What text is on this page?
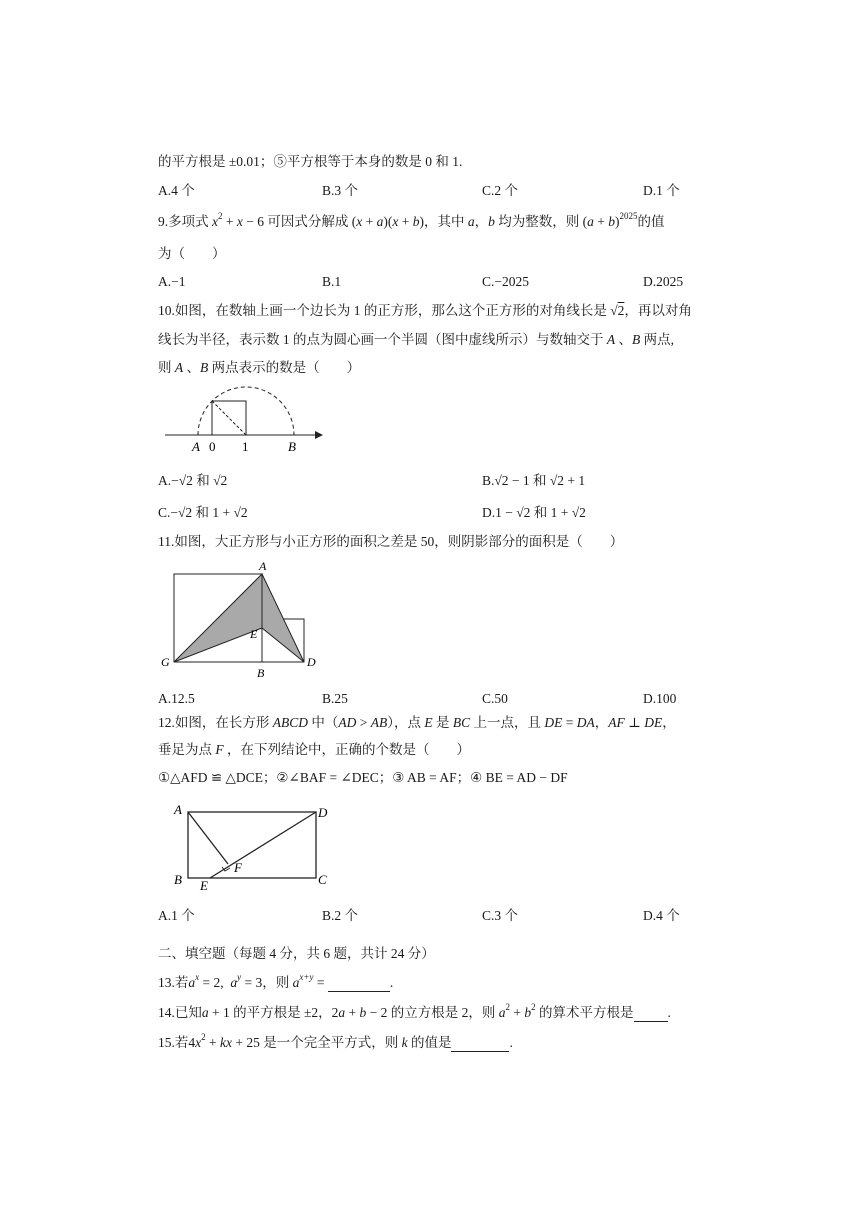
的平方根是 ±0.01；⑤平方根等于本身的数是 0 和 1.
A.4 个	B.3 个	C.2 个	D.1 个
9.多项式 $x^2 + x - 6$ 可因式分解成 (x + a)(x + b)，其中 a，b 均为整数，则 $(a + b)^{2025}$的值
为（　　）
A.−1	B.1	C.−2025	D.2025
10.如图，在数轴上画一个边长为 1 的正方形，那么这个正方形的对角线长是 √2，再以对角
线长为半径，表示数 1 的点为圆心画一个半圆（图中虚线所示）与数轴交于 A 、B 两点,
则 A 、B 两点表示的数是（　　）
A 0 1	B
A.−√2 和 √2	B.√2 − 1 和 √2 + 1
C.−√2 和 1 + √2	D.1 − √2 和 1 + √2
11.如图，大正方形与小正方形的面积之差是 50，则阴影部分的面积是（　　）
A
E
G
B
D
A.12.5	B.25	C.50	D.100
12.如图，在长方形 ABCD 中（AD > AB），点 E 是 BC 上一点，且 DE = DA，AF ⊥ DE，
垂足为点 F ，在下列结论中，正确的个数是（　　）
①△AFD ≌ △DCE；②∠BAF = ∠DEC；③ AB = AF；④ BE = AD − DF
A	D
F
B E	C
A.1 个	B.2 个	C.3 个	D.4 个
二、填空题（每题 4 分，共 6 题，共计 24 分）
13.若$a^x = 2$,  $a^y = 3$，则 $a^{x+y}$ =	.
14.已知a + 1 的平方根是 ±2，2a + b − 2 的立方根是 2，则 $a^2 + b^2$ 的算术平方根是	.
15.若$4x^2$ + kx + 25 是一个完全平方式，则 k 的值是	.
